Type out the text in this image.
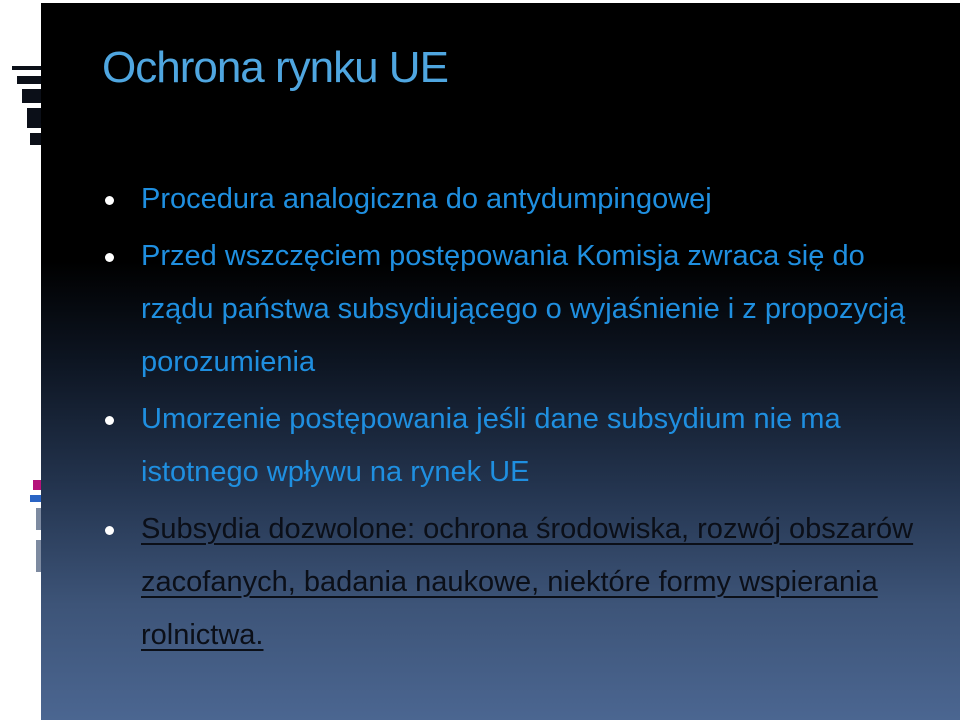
Ochrona rynku UE
Procedura analogiczna do antydumpingowej
Przed wszczęciem postępowania Komisja zwraca się do rządu państwa subsydiującego o wyjaśnienie i z propozycją porozumienia
Umorzenie postępowania jeśli dane subsydium nie ma istotnego wpływu na rynek UE
Subsydia dozwolone: ochrona środowiska, rozwój obszarów zacofanych, badania naukowe, niektóre formy wspierania rolnictwa.
